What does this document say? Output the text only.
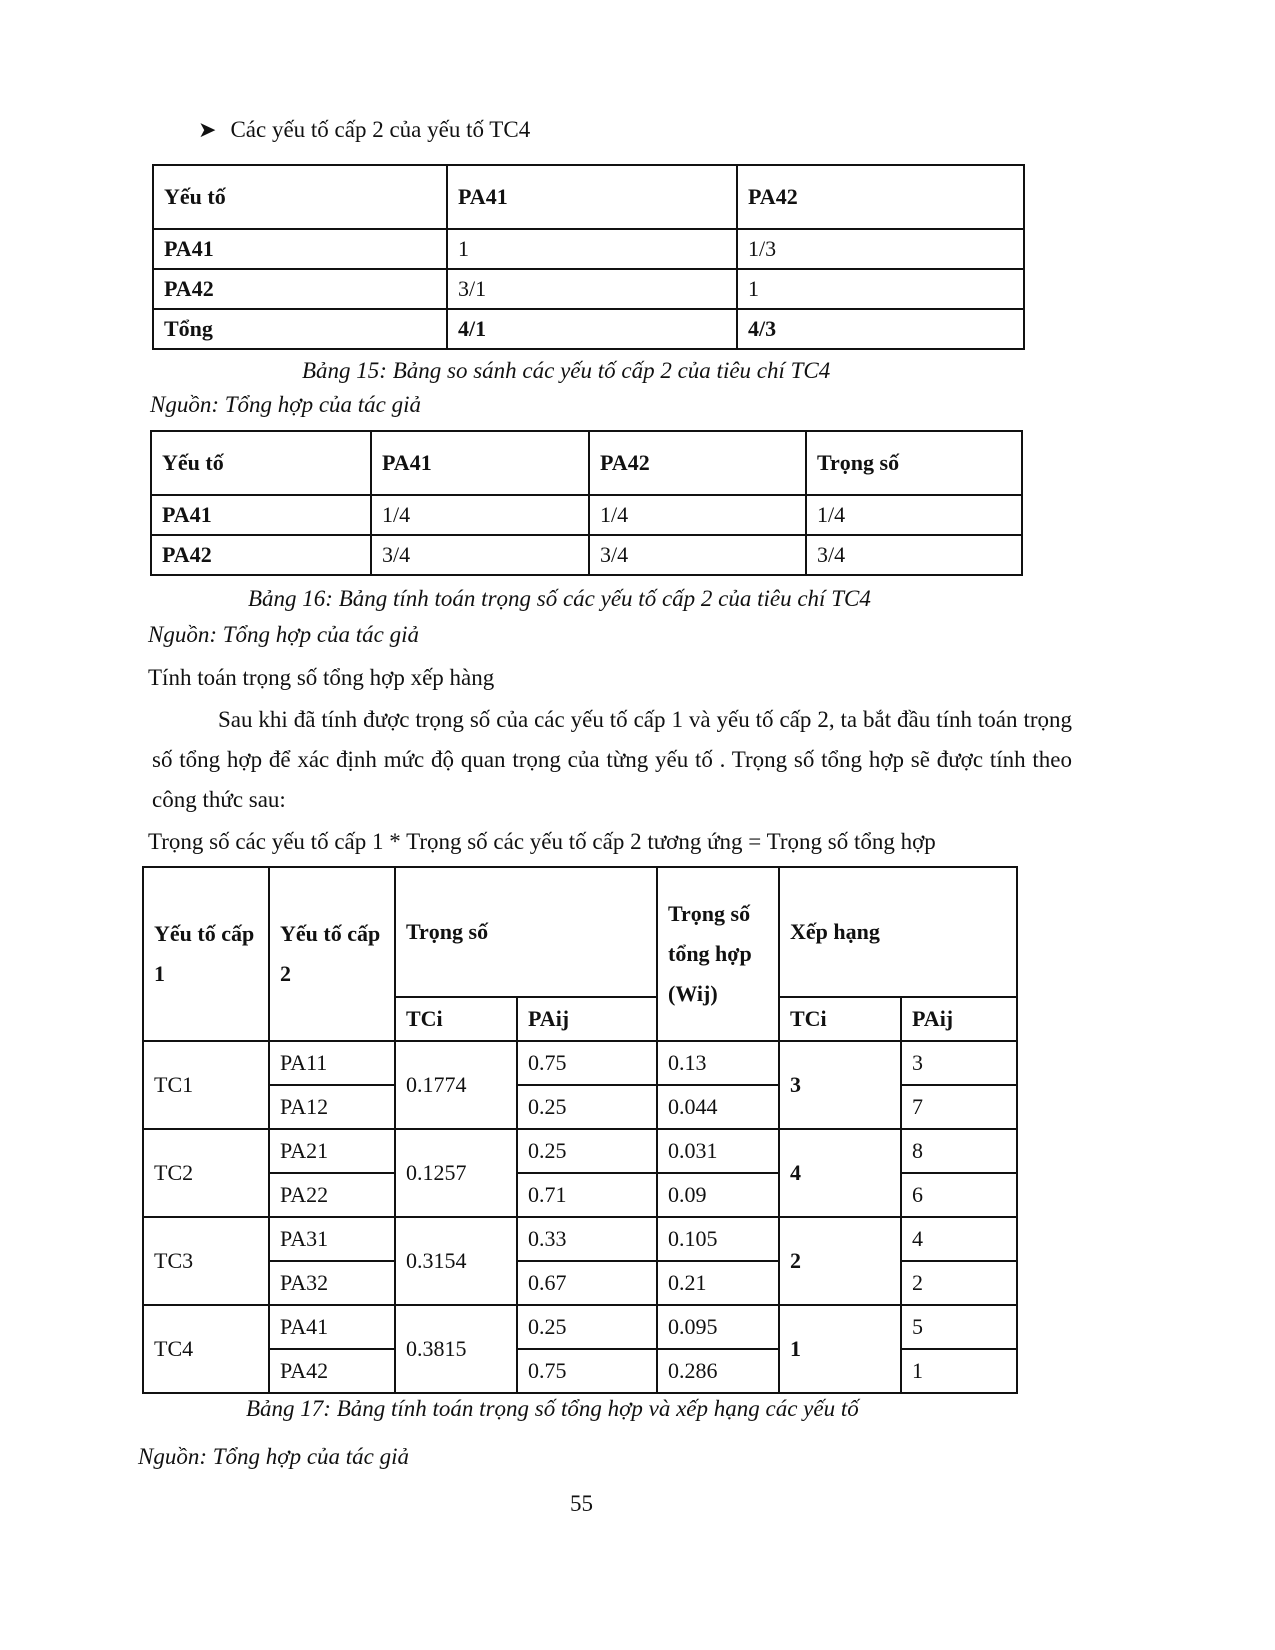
➤ Các yếu tố cấp 2 của yếu tố TC4
Yếu tố	PA41	PA42
PA41	1	1/3
PA42	3/1	1
Tổng	4/1	4/3
Bảng 15: Bảng so sánh các yếu tố cấp 2 của tiêu chí TC4
Nguồn: Tổng hợp của tác giả
Yếu tố	PA41	PA42	Trọng số
PA41	1/4	1/4	1/4
PA42	3/4	3/4	3/4
Bảng 16: Bảng tính toán trọng số các yếu tố cấp 2 của tiêu chí TC4
Nguồn: Tổng hợp của tác giả
Tính toán trọng số tổng hợp xếp hàng
Sau khi đã tính được trọng số của các yếu tố cấp 1 và yếu tố cấp 2, ta bắt đầu tính toán trọng số tổng hợp để xác định mức độ quan trọng của từng yếu tố . Trọng số tổng hợp sẽ được tính theo công thức sau:
Trọng số các yếu tố cấp 1 * Trọng số các yếu tố cấp 2 tương ứng = Trọng số tổng hợp
Yếu tố cấp 1	Yếu tố cấp 2	Trọng số		Trọng số tổng hợp (Wij)	Xếp hạng	
		TCi	PAij		TCi	PAij
TC1	PA11	0.1774	0.75	0.13	3	3
	PA12		0.25	0.044		7
TC2	PA21	0.1257	0.25	0.031	4	8
	PA22		0.71	0.09		6
TC3	PA31	0.3154	0.33	0.105	2	4
	PA32		0.67	0.21		2
TC4	PA41	0.3815	0.25	0.095	1	5
	PA42		0.75	0.286		1
Bảng 17: Bảng tính toán trọng số tổng hợp và xếp hạng các yếu tố
Nguồn: Tổng hợp của tác giả
55
